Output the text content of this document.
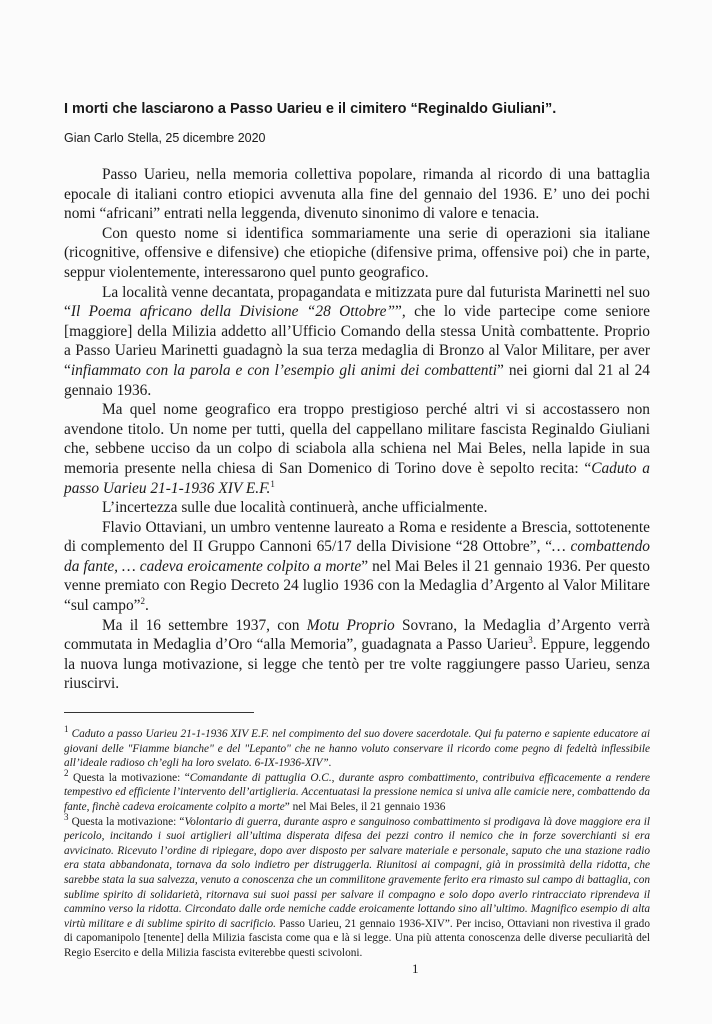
I morti che lasciarono a Passo Uarieu e il cimitero “Reginaldo Giuliani”.
Gian Carlo Stella, 25 dicembre 2020

Passo Uarieu, nella memoria collettiva popolare, rimanda al ricordo di una battaglia epocale di italiani contro etiopici avvenuta alla fine del gennaio del 1936. E’ uno dei pochi nomi “africani” entrati nella leggenda, divenuto sinonimo di valore e tenacia.

Con questo nome si identifica sommariamente una serie di operazioni sia italiane (ricognitive, offensive e difensive) che etiopiche (difensive prima, offensive poi) che in parte, seppur violentemente, interessarono quel punto geografico.

La località venne decantata, propagandata e mitizzata pure dal futurista Marinetti nel suo “Il Poema africano della Divisione “28 Ottobre””, che lo vide partecipe come seniore [maggiore] della Milizia addetto all’Ufficio Comando della stessa Unità combattente. Proprio a Passo Uarieu Marinetti guadagnò la sua terza medaglia di Bronzo al Valor Militare, per aver “infiammato con la parola e con l’esempio gli animi dei combattenti” nei giorni dal 21 al 24 gennaio 1936.

Ma quel nome geografico era troppo prestigioso perché altri vi si accostassero non avendone titolo. Un nome per tutti, quella del cappellano militare fascista Reginaldo Giuliani che, sebbene ucciso da un colpo di sciabola alla schiena nel Mai Beles, nella lapide in sua memoria presente nella chiesa di San Domenico di Torino dove è sepolto recita: “Caduto a passo Uarieu 21-1-1936 XIV E.F.$^1$

L’incertezza sulle due località continuerà, anche ufficialmente.

Flavio Ottaviani, un umbro ventenne laureato a Roma e residente a Brescia, sottotenente di complemento del II Gruppo Cannoni 65/17 della Divisione “28 Ottobre”, “… combattendo da fante, … cadeva eroicamente colpito a morte” nel Mai Beles il 21 gennaio 1936. Per questo venne premiato con Regio Decreto 24 luglio 1936 con la Medaglia d’Argento al Valor Militare “sul campo”$^2$.

Ma il 16 settembre 1937, con Motu Proprio Sovrano, la Medaglia d’Argento verrà commutata in Medaglia d’Oro “alla Memoria”, guadagnata a Passo Uarieu$^3$. Eppure, leggendo la nuova lunga motivazione, si legge che tentò per tre volte raggiungere passo Uarieu, senza riuscirvi.

$^1$ Caduto a passo Uarieu 21-1-1936 XIV E.F. nel compimento del suo dovere sacerdotale. Qui fu paterno e sapiente educatore ai giovani delle "Fiamme bianche" e del "Lepanto" che ne hanno voluto conservare il ricordo come pegno di fedeltà inflessibile all’ideale radioso ch’egli ha loro svelato. 6-IX-1936-XIV”.

$^2$ Questa la motivazione: “Comandante di pattuglia O.C., durante aspro combattimento, contribuiva efficacemente a rendere tempestivo ed efficiente l’intervento dell’artiglieria. Accentuatasi la pressione nemica si univa alle camicie nere, combattendo da fante, finchè cadeva eroicamente colpito a morte” nel Mai Beles, il 21 gennaio 1936

$^3$ Questa la motivazione: “Volontario di guerra, durante aspro e sanguinoso combattimento si prodigava là dove maggiore era il pericolo, incitando i suoi artiglieri all’ultima disperata difesa dei pezzi contro il nemico che in forze soverchianti si era avvicinato. Ricevuto l’ordine di ripiegare, dopo aver disposto per salvare materiale e personale, saputo che una stazione radio era stata abbandonata, tornava da solo indietro per distruggerla. Riunitosi ai compagni, già in prossimità della ridotta, che sarebbe stata la sua salvezza, venuto a conoscenza che un commilitone gravemente ferito era rimasto sul campo di battaglia, con sublime spirito di solidarietà, ritornava sui suoi passi per salvare il compagno e solo dopo averlo rintracciato riprendeva il cammino verso la ridotta. Circondato dalle orde nemiche cadde eroicamente lottando sino all’ultimo. Magnifico esempio di alta virtù militare e di sublime spirito di sacrificio. Passo Uarieu, 21 gennaio 1936-XIV”. Per inciso, Ottaviani non rivestiva il grado di capomanipolo [tenente] della Milizia fascista come qua e là si legge. Una più attenta conoscenza delle diverse peculiarità del Regio Esercito e della Milizia fascista eviterebbe questi scivoloni.

1
